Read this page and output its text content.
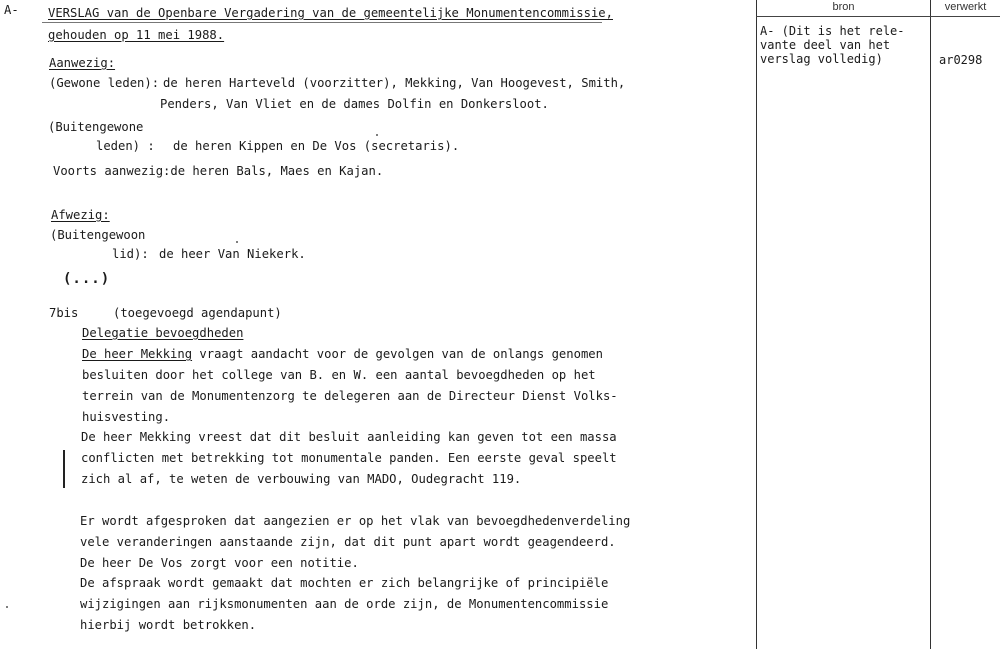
A- VERSLAG van de Openbare Vergadering van de gemeentelijke Monumentencommissie,
gehouden op 11 mei 1988.
Aanwezig:
(Gewone leden): de heren Harteveld (voorzitter), Mekking, Van Hoogevest, Smith,
Penders, Van Vliet en de dames Dolfin en Donkersloot.
(Buitengewone
leden) : de heren Kippen en De Vos (secretaris).
Voorts aanwezig:de heren Bals, Maes en Kajan.
Afwezig:
(Buitengewoon
lid): de heer Van Niekerk.
(...)
7bis	(toegevoegd agendapunt)
Delegatie bevoegdheden
De heer Mekking vraagt aandacht voor de gevolgen van de onlangs genomen
besluiten door het college van B. en W. een aantal bevoegdheden op het
terrein van de Monumentenzorg te delegeren aan de Directeur Dienst Volks-
huisvesting.
De heer Mekking vreest dat dit besluit aanleiding kan geven tot een massa
conflicten met betrekking tot monumentale panden. Een eerste geval speelt
zich al af, te weten de verbouwing van MADO, Oudegracht 119.
Er wordt afgesproken dat aangezien er op het vlak van bevoegdhedenverdeling
vele veranderingen aanstaande zijn, dat dit punt apart wordt geagendeerd.
De heer De Vos zorgt voor een notitie.
De afspraak wordt gemaakt dat mochten er zich belangrijke of principiële
wijzigingen aan rijksmonumenten aan de orde zijn, de Monumentencommissie
hierbij wordt betrokken.
bron	verwerkt
A- (Dit is het rele-
vante deel van het
verslag volledig)	ar0298
